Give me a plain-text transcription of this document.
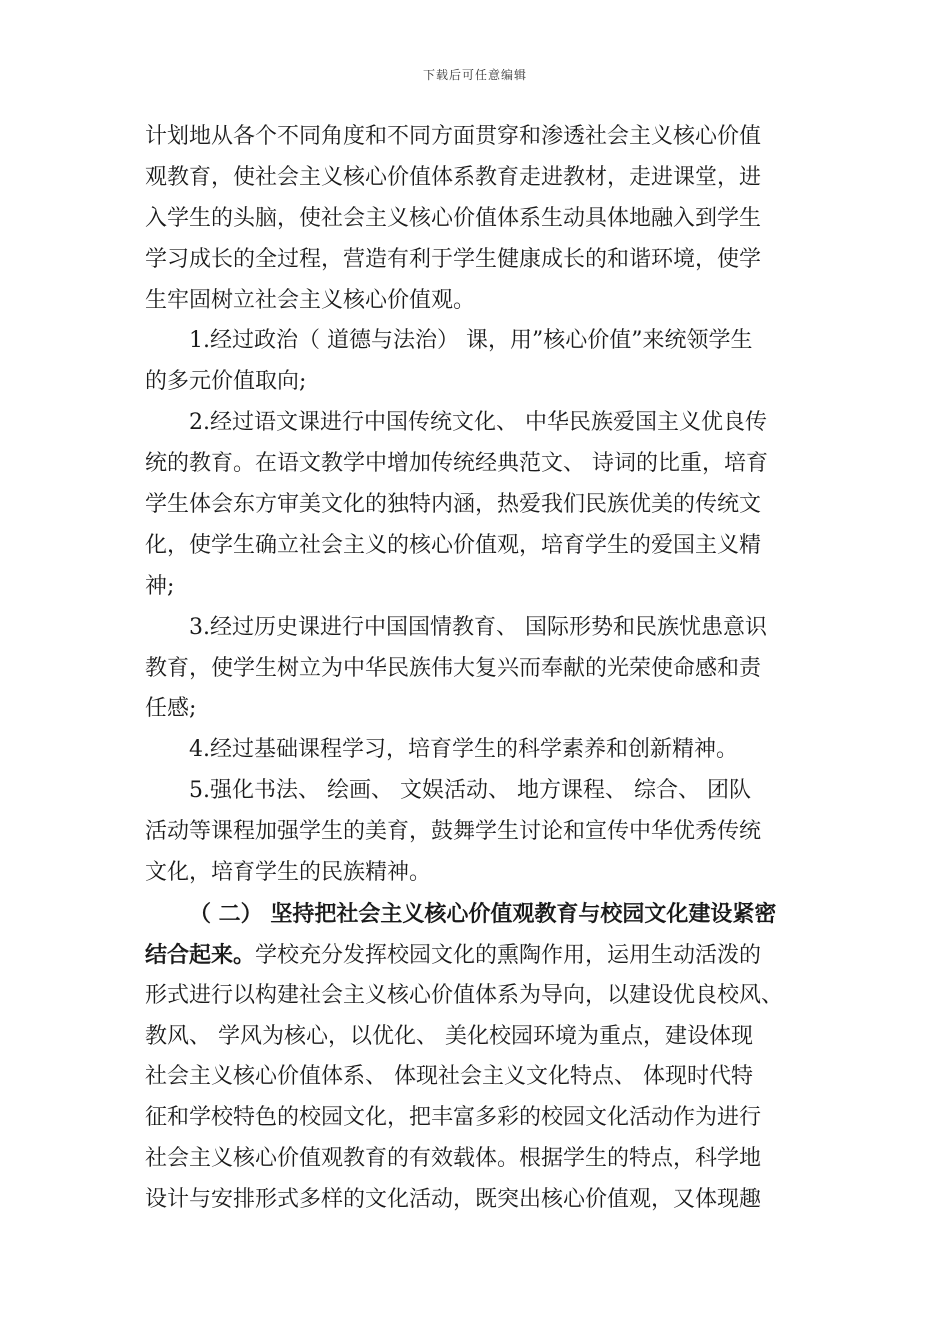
下载后可任意编辑
计划地从各个不同角度和不同方面贯穿和渗透社会主义核心价值
观教育，使社会主义核心价值体系教育走进教材，走进课堂，进
入学生的头脑，使社会主义核心价值体系生动具体地融入到学生
学习成长的全过程，营造有利于学生健康成长的和谐环境，使学
生牢固树立社会主义核心价值观。
1.经过政治（ 道德与法治） 课，用”核心价值”来统领学生
的多元价值取向;
2.经过语文课进行中国传统文化、 中华民族爱国主义优良传
统的教育。在语文教学中增加传统经典范文、 诗词的比重，培育
学生体会东方审美文化的独特内涵，热爱我们民族优美的传统文
化，使学生确立社会主义的核心价值观，培育学生的爱国主义精
神;
3.经过历史课进行中国国情教育、 国际形势和民族忧患意识
教育，使学生树立为中华民族伟大复兴而奉献的光荣使命感和责
任感;
4.经过基础课程学习，培育学生的科学素养和创新精神。
5.强化书法、 绘画、 文娱活动、 地方课程、 综合、 团队
活动等课程加强学生的美育，鼓舞学生讨论和宣传中华优秀传统
文化，培育学生的民族精神。
（ 二） 坚持把社会主义核心价值观教育与校园文化建设紧密
结合起来。学校充分发挥校园文化的熏陶作用，运用生动活泼的
形式进行以构建社会主义核心价值体系为导向，以建设优良校风、
教风、 学风为核心，以优化、 美化校园环境为重点，建设体现
社会主义核心价值体系、 体现社会主义文化特点、 体现时代特
征和学校特色的校园文化，把丰富多彩的校园文化活动作为进行
社会主义核心价值观教育的有效载体。根据学生的特点，科学地
设计与安排形式多样的文化活动，既突出核心价值观，又体现趣
